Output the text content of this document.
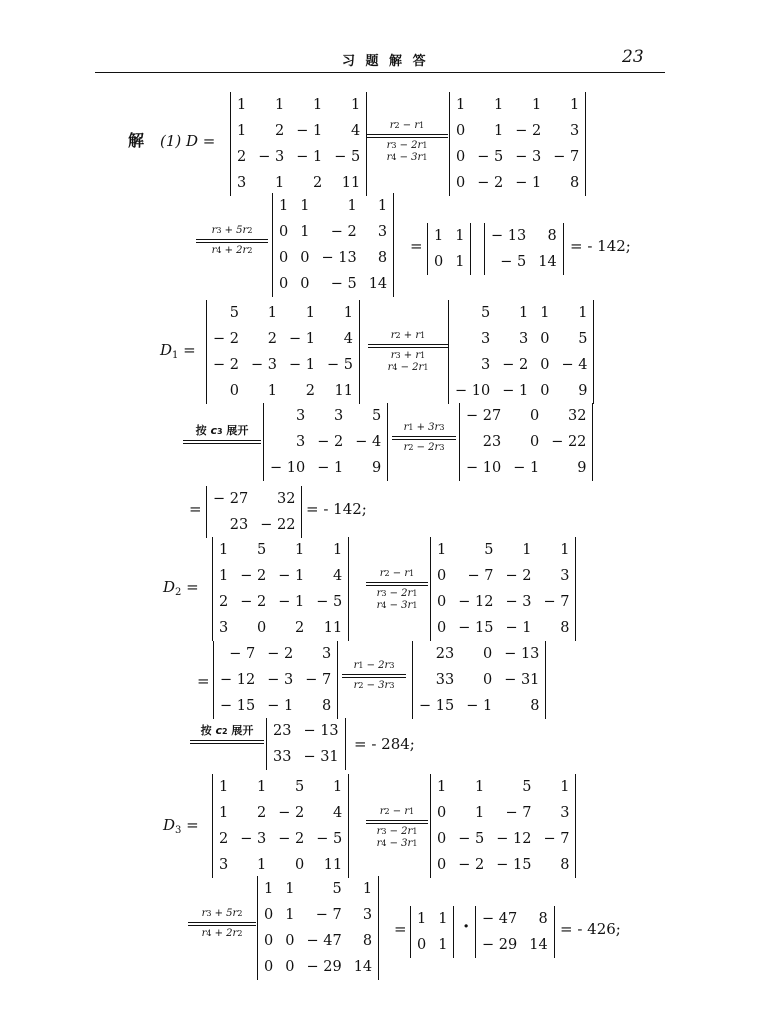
习 题 解 答	23
解 (1) D =
1	1	1	1
1	2	− 1	4
2	− 3	− 1	− 5
3	1	2	11
r2 − r1
r3 − 2r1
r4 − 3r1
1	1	1	1
0	1	− 2	3
0	− 5	− 3	− 7
0	− 2	− 1	8
r3 + 5r2
r4 + 2r2
1	1	1	1
0	1	− 2	3
0	0	− 13	8
0	0	− 5	14
=
1	1
0	1
− 13	8
− 5	14
= - 142;
$D_1$ =
5	1	1	1
− 2	2	− 1	4
− 2	− 3	− 1	− 5
0	1	2	11
r2 + r1
r3 + r1
r4 − 2r1
5	1	1	1
3	3	0	5
3	− 2	0	− 4
− 10	− 1	0	9
按 c3 展开
3	3	5
3	− 2	− 4
− 10	− 1	9
r1 + 3r3
r2 − 2r3
− 27	0	32
23	0	− 22
− 10	− 1	9
=
− 27	32
23	− 22
= - 142;
$D_2$ =
1	5	1	1
1	− 2	− 1	4
2	− 2	− 1	− 5
3	0	2	11
r2 − r1
r3 − 2r1
r4 − 3r1
1	5	1	1
0	− 7	− 2	3
0	− 12	− 3	− 7
0	− 15	− 1	8
=
− 7	− 2	3
− 12	− 3	− 7
− 15	− 1	8
r1 − 2r3
r2 − 3r3
23	0	− 13
33	0	− 31
− 15	− 1	8
按 c2 展开	23	− 13
33	− 31
= - 284;
$D_3$ =
1	1	5	1
1	2	− 2	4
2	− 3	− 2	− 5
3	1	0	11
r2 − r1
r3 − 2r1
r4 − 3r1
1	1	5	1
0	1	− 7	3
0	− 5	− 12	− 7
0	− 2	− 15	8
r3 + 5r2
r4 + 2r2
1	1	5	1
0	1	− 7	3
0	0	− 47	8
0	0	− 29	14
=
1	1
0	1
· − 47	8
− 29	14
= - 426;
